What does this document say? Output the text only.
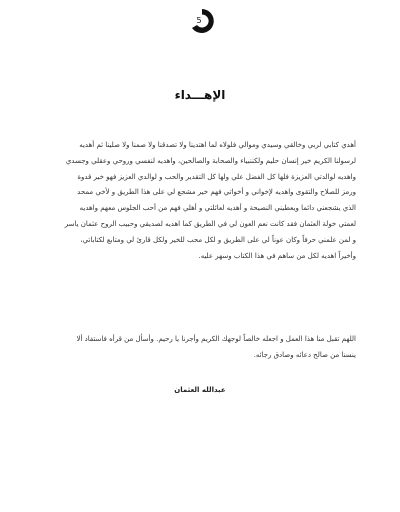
5
الإهـــداء
أهدي كتابي لربي وخالقي وسيدي وموالي فلولاه لما اهتدينا ولا تصدقنا ولا صمنا ولا صلينا ثم أهديه
لرسولنا الكريم خير إنسان حليم ولكننبياء والصحابة والصالحين، واهديه لنفسي وروحي وعقلي وجسدي
واهديه لوالدتي العزيزة فلها كل الفضل علي ولها كل التقدير والحب و لوالدي العزيز فهو خير قدوة
ورمز للصلاح والتقوى واهديه لإخواني و أخواتي فهم خير مشجع لي على هذا الطريق و لأخي ممحد
الذي يشجعني دائما ويعطيني النصيحة و أهديه لعائلتي و أهلي فهم من أحب الجلوس معهم واهديه
لعمتي خولة العثمان فقد كانت نعم العون لي في الطريق كما اهديه لصديقي وحبيب الروح عثمان ياسر
و لمن علمني حرفاً وكان عوناً لي على الطريق و لكل محب للخير ولكل قارئ لي ومتابع لكتاباتي،
وأخيراً اهديه لكل من ساهم في هذا الكتاب وسهر عليه.
اللهم تقبل منا هذا العمل و اجعله خالصاً لوجهك الكريم وأجرنا يا رحيم. وأسأل من قرأه فاستفاد ألا
ينسنا من صالح دعائه وصادق رجائه.
عبدالله العثمان
